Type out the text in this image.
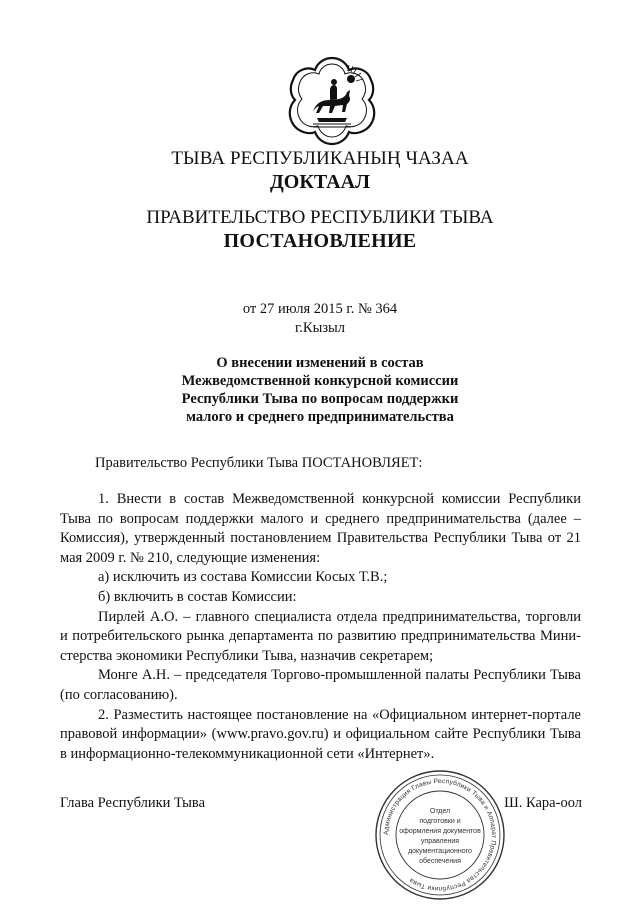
ТЫВА РЕСПУБЛИКАНЫҢ ЧАЗАА
ДОКТААЛ
ПРАВИТЕЛЬСТВО РЕСПУБЛИКИ ТЫВА
ПОСТАНОВЛЕНИЕ
от 27 июля 2015 г. № 364
г.Кызыл
О внесении изменений в состав
Межведомственной конкурсной комиссии
Республики Тыва по вопросам поддержки
малого и среднего предпринимательства
Правительство Республики Тыва ПОСТАНОВЛЯЕТ:

1. Внести в состав Межведомственной конкурсной комиссии Республики Тыва по вопросам поддержки малого и среднего предпринимательства (далее – Комиссия), утвержденный постановлением Правительства Республики Тыва от 21 мая 2009 г. № 210, следующие изменения:

а) исключить из состава Комиссии Косых Т.В.;

б) включить в состав Комиссии:

Пирлей А.О. – главного специалиста отдела предпринимательства, торговли и потребительского рынка департамента по развитию предпринимательства Министерства экономики Республики Тыва, назначив секретарем;

Монге А.Н. – председателя Торгово-промышленной палаты Республики Тыва (по согласованию).

2. Разместить настоящее постановление на «Официальном интернет-портале правовой информации» (www.pravo.gov.ru) и официальном сайте Республики Тыва в информационно-телекоммуникационной сети «Интернет».

Глава Республики Тыва	Ш. Кара-оол
Администрация Главы Республики Тыва и Аппарат Правительства Республики Тыва
Отдел
подготовки и
оформления документов
управления
документационного
обеспечения
